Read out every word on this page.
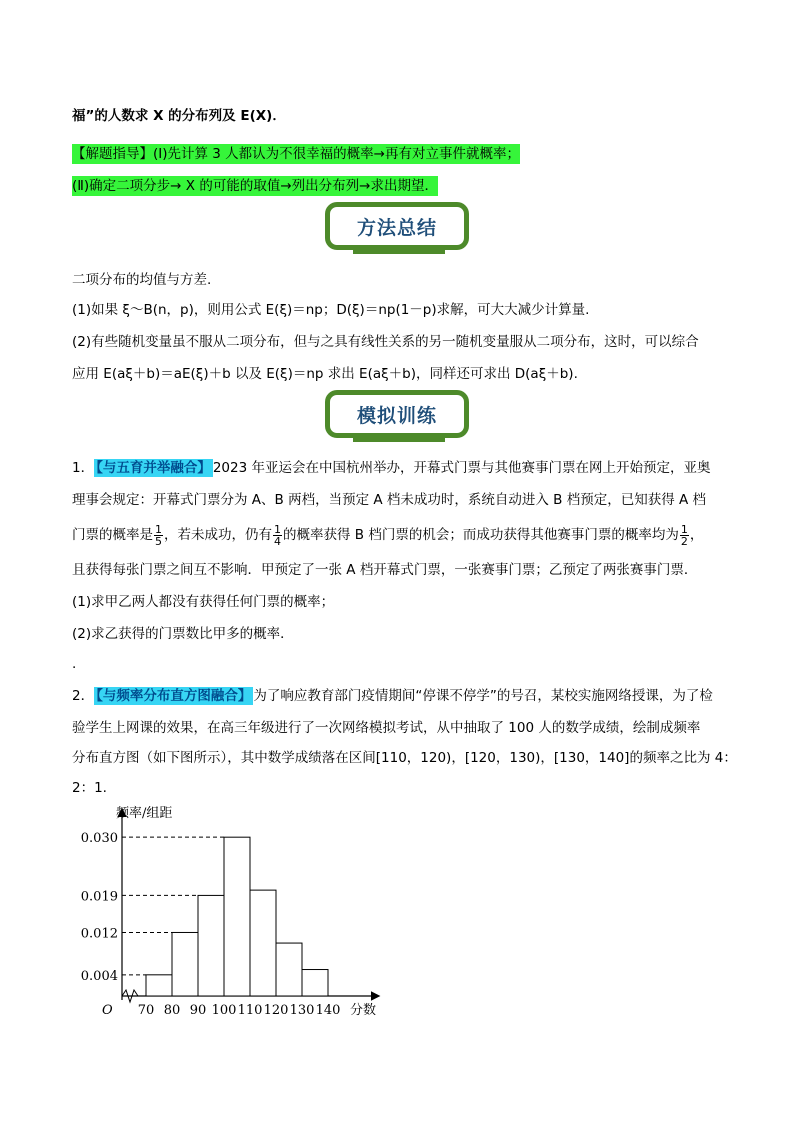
福”的人数求 X 的分布列及 E(X)．
【解题指导】(Ⅰ)先计算 3 人都认为不很幸福的概率→再有对立事件就概率；
(Ⅱ)确定二项分步→ X 的可能的取值→列出分布列→求出期望．
方法总结
二项分布的均值与方差.
(1)如果 ξ～B(n，p)，则用公式 E(ξ)＝np；D(ξ)＝np(1－p)求解，可大大减少计算量.
(2)有些随机变量虽不服从二项分布，但与之具有线性关系的另一随机变量服从二项分布，这时，可以综合
应用 E(aξ＋b)＝aE(ξ)＋b 以及 E(ξ)＝np 求出 E(aξ＋b)，同样还可求出 D(aξ＋b).
模拟训练
1． 【与五育并举融合】 2023 年亚运会在中国杭州举办，开幕式门票与其他赛事门票在网上开始预定，亚奥
理事会规定：开幕式门票分为 A、B 两档，当预定 A 档未成功时，系统自动进入 B 档预定，已知获得 A 档
门票的概率是 $\frac{1}{5}$ ，若未成功，仍有 $\frac{1}{4}$ 的概率获得 B 档门票的机会；而成功获得其他赛事门票的概率均为 $\frac{1}{2}$ ，
且获得每张门票之间互不影响．甲预定了一张 A 档开幕式门票，一张赛事门票；乙预定了两张赛事门票．
(1)求甲乙两人都没有获得任何门票的概率；
(2)求乙获得的门票数比甲多的概率．
.
2． 【与频率分布直方图融合】 为了响应教育部门疫情期间“停课不停学”的号召，某校实施网络授课，为了检
验学生上网课的效果，在高三年级进行了一次网络模拟考试，从中抽取了 100 人的数学成绩，绘制成频率
分布直方图（如下图所示），其中数学成绩落在区间[110，120)，[120，130)，[130，140]的频率之比为 4：
2：1.
频率/组距
分数
O
0.004
0.012
0.019
0.030
70 80 90 100 110 120 130 140
